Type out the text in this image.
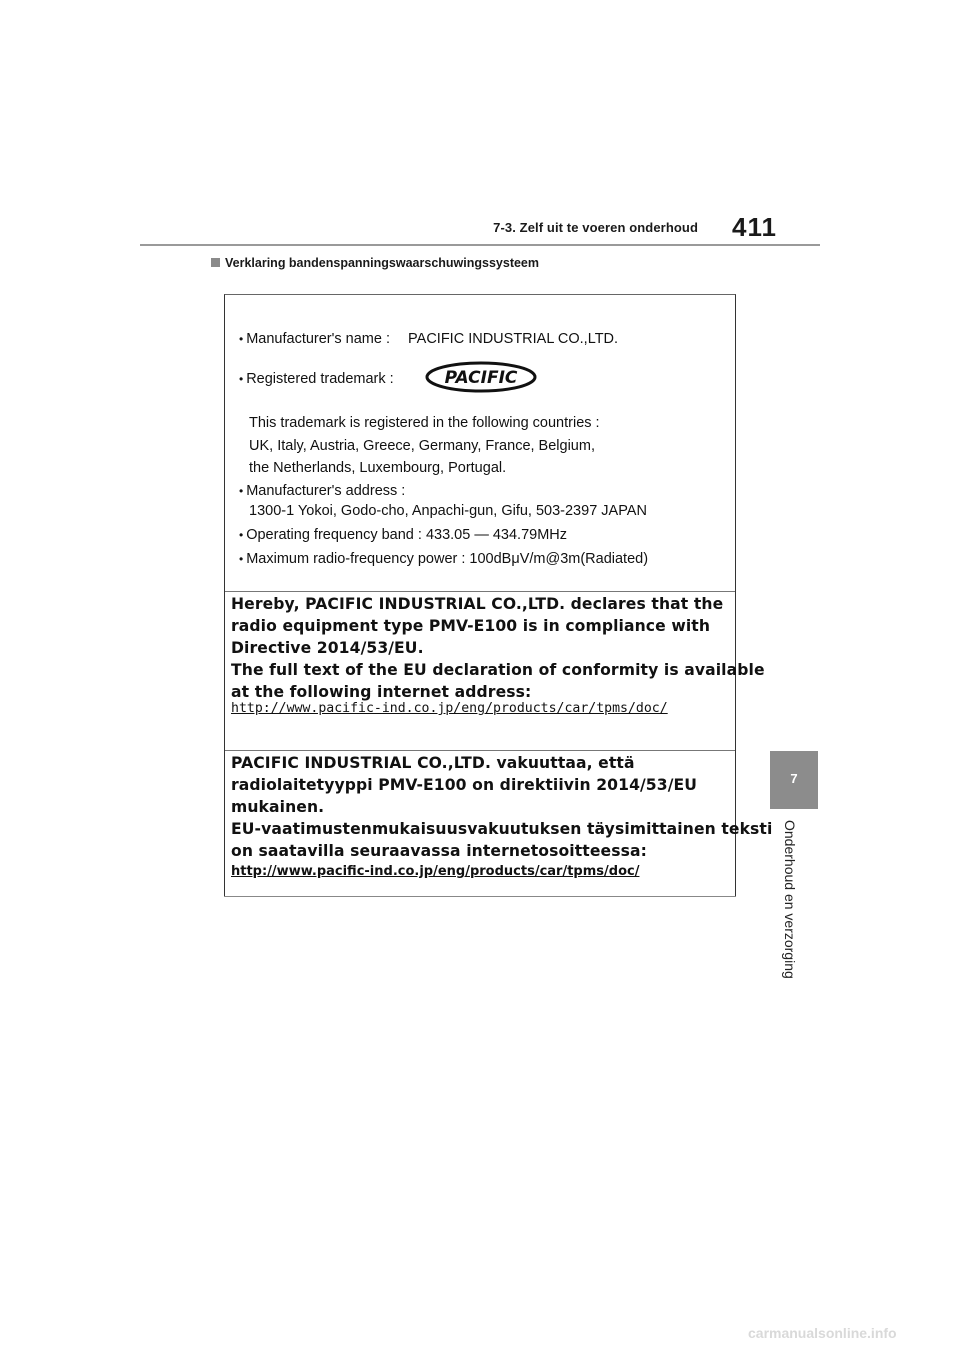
7-3. Zelf uit te voeren onderhoud 411
Verklaring bandenspanningswaarschuwingssysteem
7
Onderhoud en verzorging
• Manufacturer's name : PACIFIC INDUSTRIAL CO.,LTD.
• Registered trademark :	PACIFIC
This trademark is registered in the following countries :
UK, Italy, Austria, Greece, Germany, France, Belgium,
the Netherlands, Luxembourg, Portugal.
• Manufacturer's address :
1300-1 Yokoi, Godo-cho, Anpachi-gun, Gifu, 503-2397 JAPAN
• Operating frequency band : 433.05 — 434.79MHz
• Maximum radio-frequency power : 100dBμV/m@3m(Radiated)
Hereby, PACIFIC INDUSTRIAL CO.,LTD. declares that the
radio equipment type PMV-E100 is in compliance with
Directive 2014/53/EU.
The full text of the EU declaration of conformity is available
at the following internet address:
http://www.pacific-ind.co.jp/eng/products/car/tpms/doc/
PACIFIC INDUSTRIAL CO.,LTD. vakuuttaa, että
radiolaitetyyppi PMV-E100 on direktiivin 2014/53/EU
mukainen.
EU-vaatimustenmukaisuusvakuutuksen täysimittainen teksti
on saatavilla seuraavassa internetosoitteessa:
http://www.pacific-ind.co.jp/eng/products/car/tpms/doc/
carmanualsonline.info
